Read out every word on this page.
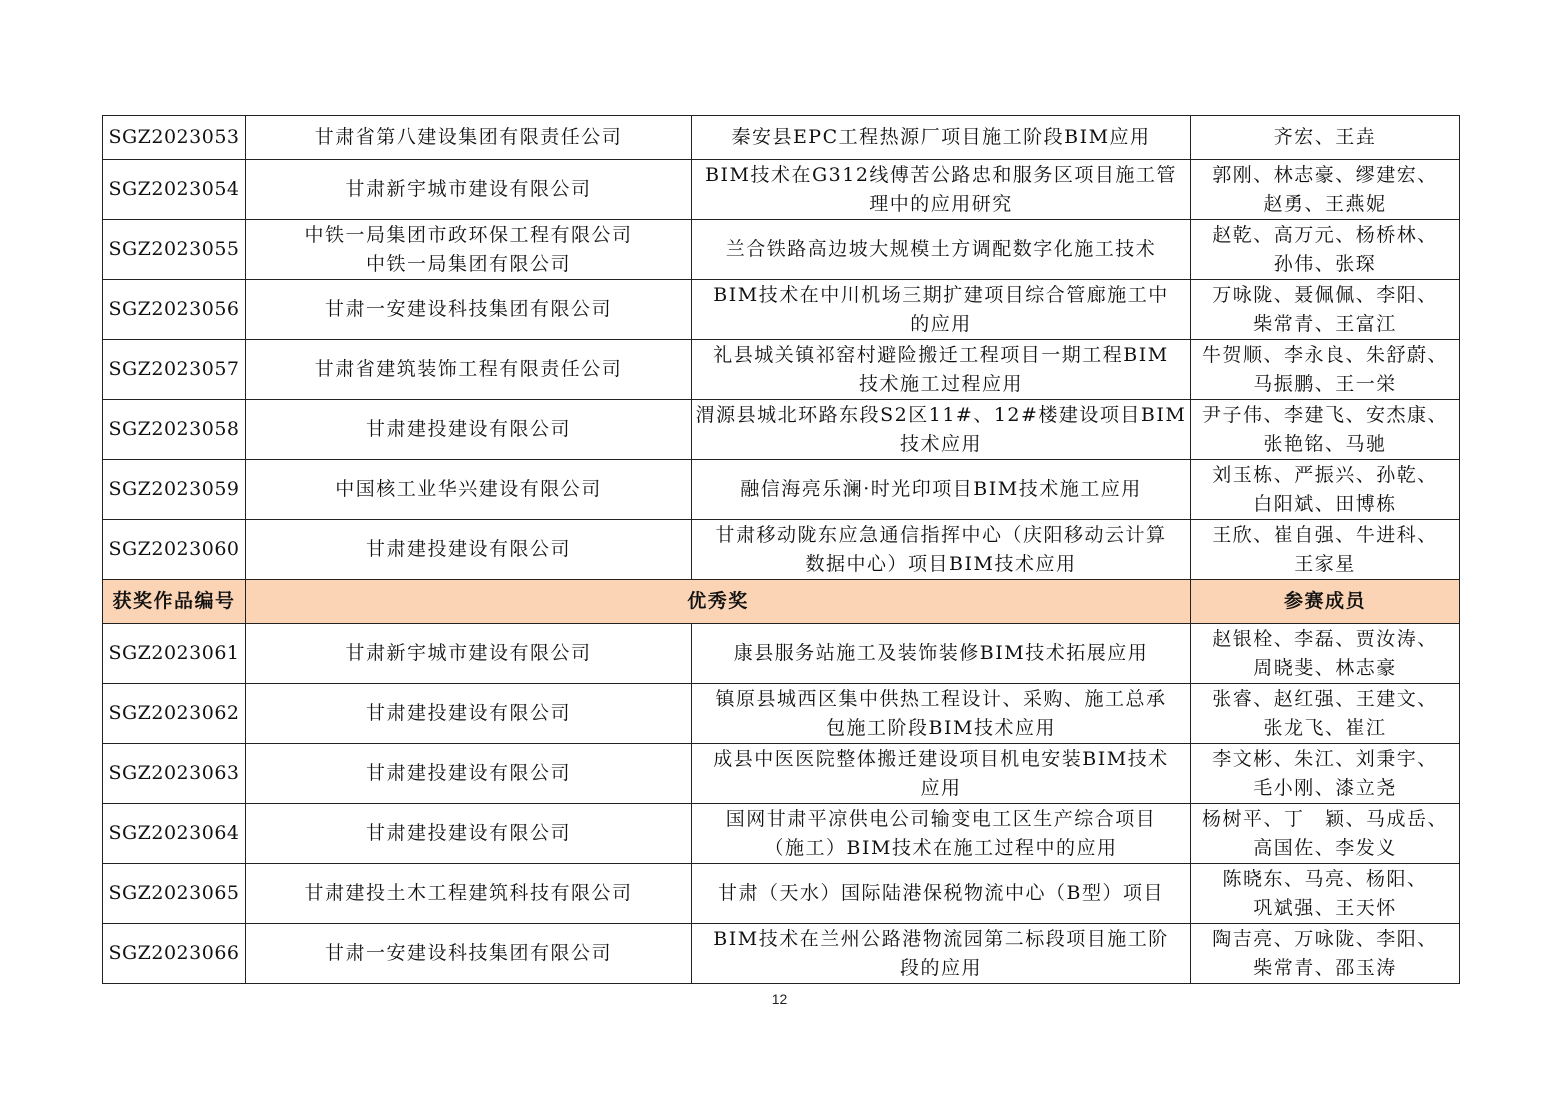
SGZ2023053	甘肃省第八建设集团有限责任公司	秦安县EPC工程热源厂项目施工阶段BIM应用	齐宏、王垚

SGZ2023054	甘肃新宇城市建设有限公司	BIM技术在G312线傅苦公路忠和服务区项目施工管
理中的应用研究	郭刚、林志豪、缪建宏、
赵勇、王燕妮

SGZ2023055	中铁一局集团市政环保工程有限公司
中铁一局集团有限公司	兰合铁路高边坡大规模土方调配数字化施工技术	赵乾、高万元、杨桥林、
孙伟、张琛

SGZ2023056	甘肃一安建设科技集团有限公司	BIM技术在中川机场三期扩建项目综合管廊施工中
的应用	万咏陇、聂佩佩、李阳、
柴常青、王富江

SGZ2023057	甘肃省建筑装饰工程有限责任公司	礼县城关镇祁窑村避险搬迁工程项目一期工程BIM
技术施工过程应用	牛贺顺、李永良、朱舒蔚、
马振鹏、王一栄

SGZ2023058	甘肃建投建设有限公司	渭源县城北环路东段S2区11#、12#楼建设项目BIM
技术应用	尹子伟、李建飞、安杰康、
张艳铭、马驰

SGZ2023059	中国核工业华兴建设有限公司	融信海亮乐澜·时光印项目BIM技术施工应用	刘玉栋、严振兴、孙乾、
白阳斌、田博栋

SGZ2023060	甘肃建投建设有限公司	甘肃移动陇东应急通信指挥中心（庆阳移动云计算
数据中心）项目BIM技术应用	王欣、崔自强、牛进科、
王家星

获奖作品编号	优秀奖		参赛成员
SGZ2023061	甘肃新宇城市建设有限公司	康县服务站施工及装饰装修BIM技术拓展应用	赵银栓、李磊、贾汝涛、
周晓斐、林志豪

SGZ2023062	甘肃建投建设有限公司	镇原县城西区集中供热工程设计、采购、施工总承
包施工阶段BIM技术应用	张睿、赵红强、王建文、
张龙飞、崔江

SGZ2023063	甘肃建投建设有限公司	成县中医医院整体搬迁建设项目机电安装BIM技术
应用	李文彬、朱江、刘秉宇、
毛小刚、漆立尧

SGZ2023064	甘肃建投建设有限公司	国网甘肃平凉供电公司输变电工区生产综合项目
（施工）BIM技术在施工过程中的应用	杨树平、丁　颖、马成岳、
高国佐、李发义

SGZ2023065	甘肃建投土木工程建筑科技有限公司	甘肃（天水）国际陆港保税物流中心（B型）项目	陈晓东、马亮、杨阳、
巩斌强、王天怀

SGZ2023066	甘肃一安建设科技集团有限公司	BIM技术在兰州公路港物流园第二标段项目施工阶
段的应用	陶吉亮、万咏陇、李阳、
柴常青、邵玉涛
12
